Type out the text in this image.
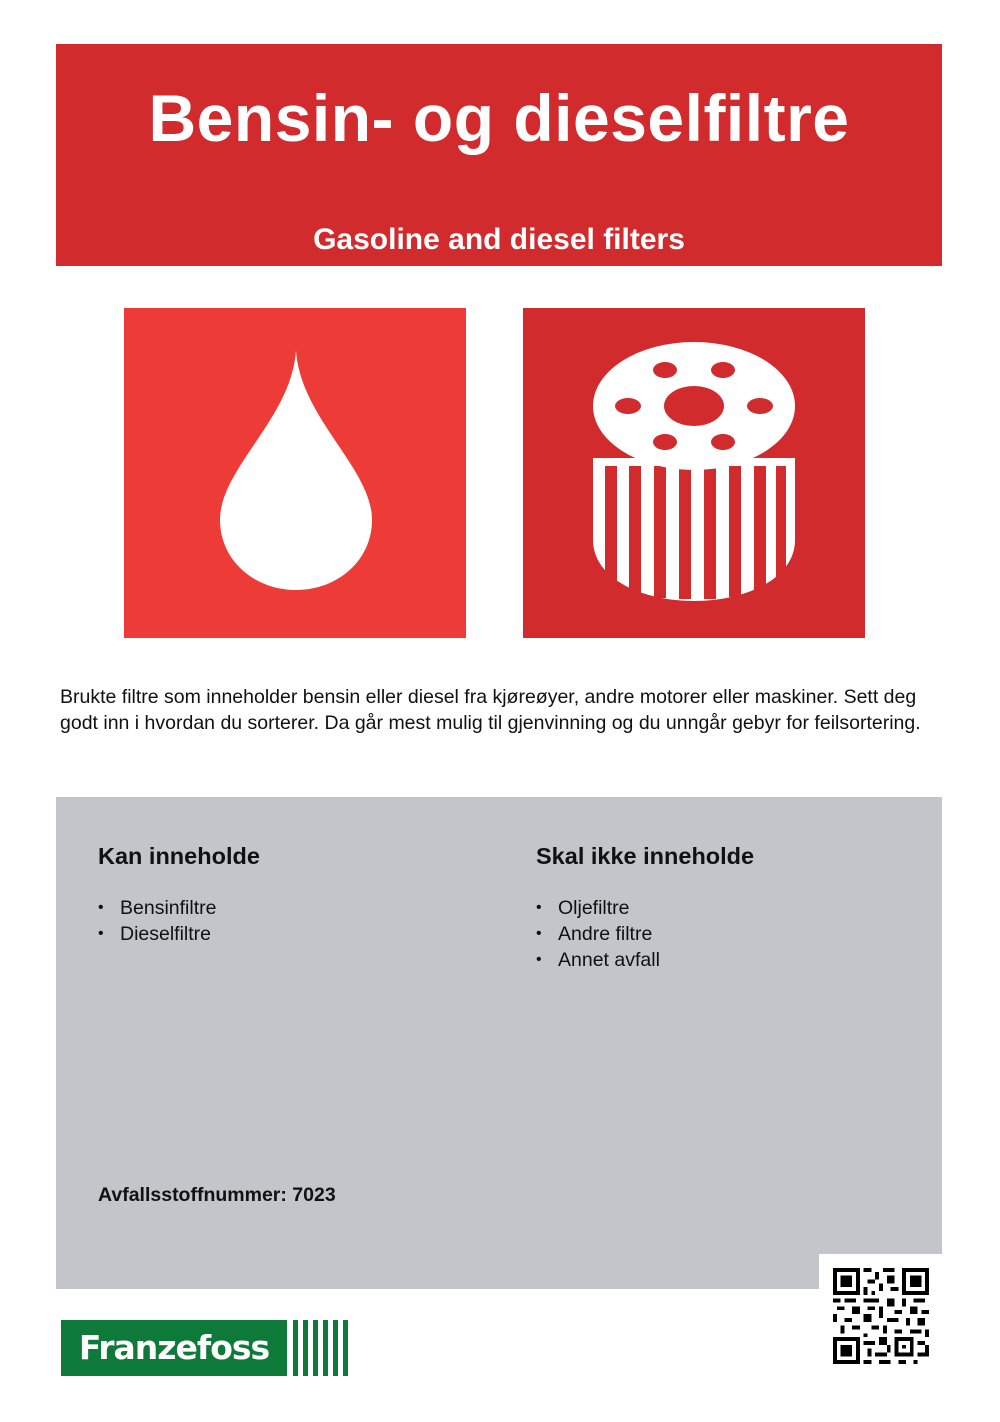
Bensin- og dieselfiltre
Gasoline and diesel filters

Brukte filtre som inneholder bensin eller diesel fra kjøreøyer, andre motorer eller maskiner. Sett deg godt inn i hvordan du sorterer. Da går mest mulig til gjenvinning og du unngår gebyr for feilsortering.

Kan inneholde
• Bensinfiltre
• Dieselfiltre
Skal ikke inneholde
• Oljefiltre
• Andre filtre
• Annet avfall
Avfallsstoffnummer: 7023
Franzefoss
